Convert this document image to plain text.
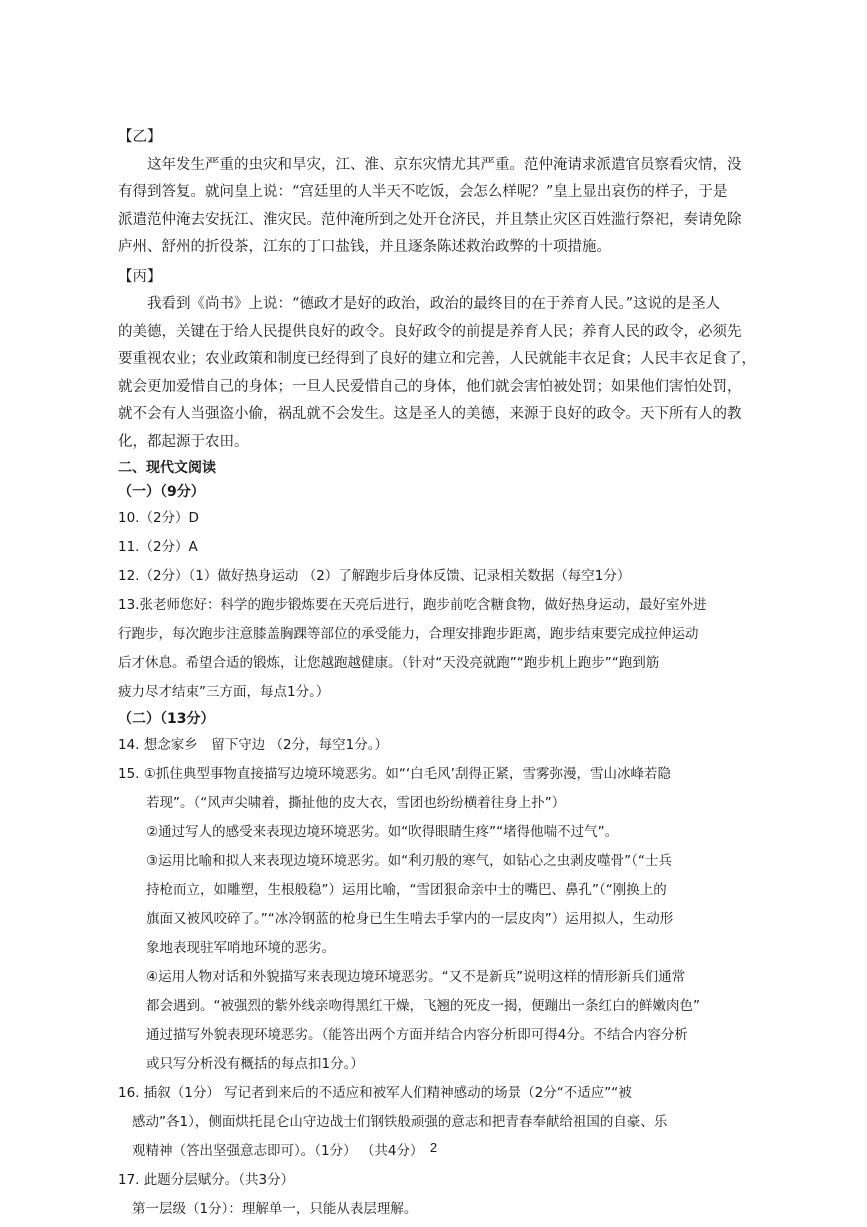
【乙】
　　这年发生严重的虫灾和旱灾，江、淮、京东灾情尤其严重。范仲淹请求派遣官员察看灾情，没
有得到答复。就问皇上说：“宫廷里的人半天不吃饭，会怎么样呢？”皇上显出哀伤的样子，于是
派遣范仲淹去安抚江、淮灾民。范仲淹所到之处开仓济民，并且禁止灾区百姓滥行祭祀，奏请免除
庐州、舒州的折役茶，江东的丁口盐钱，并且逐条陈述救治政弊的十项措施。
【丙】
　　我看到《尚书》上说：“德政才是好的政治，政治的最终目的在于养育人民。”这说的是圣人
的美德，关键在于给人民提供良好的政令。良好政令的前提是养育人民；养育人民的政令，必须先
要重视农业；农业政策和制度已经得到了良好的建立和完善，人民就能丰衣足食；人民丰衣足食了，
就会更加爱惜自己的身体；一旦人民爱惜自己的身体，他们就会害怕被处罚；如果他们害怕处罚，
就不会有人当强盗小偷，祸乱就不会发生。这是圣人的美德，来源于良好的政令。天下所有人的教
化，都起源于农田。
二、现代文阅读
（一）（9分）
10.（2分）D
11.（2分）A
12.（2分）（1）做好热身运动 （2）了解跑步后身体反馈、记录相关数据（每空1分）
13.张老师您好：科学的跑步锻炼要在天亮后进行，跑步前吃含糖食物，做好热身运动，最好室外进
行跑步，每次跑步注意膝盖胸踝等部位的承受能力，合理安排跑步距离，跑步结束要完成拉伸运动
后才休息。希望合适的锻炼，让您越跑越健康。（针对“天没亮就跑”“跑步机上跑步”“跑到筋
疲力尽才结束”三方面，每点1分。）
（二）（13分）
14. 想念家乡　留下守边 （2分，每空1分。）
15. ①抓住典型事物直接描写边境环境恶劣。如“‘白毛风’刮得正紧，雪雾弥漫，雪山冰峰若隐
若现”。（“风声尖啸着，撕扯他的皮大衣，雪团也纷纷横着往身上扑”）
②通过写人的感受来表现边境环境恶劣。如“吹得眼睛生疼”“堵得他喘不过气”。
③运用比喻和拟人来表现边境环境恶劣。如“利刃般的寒气，如钻心之虫剥皮噬骨”（“士兵
持枪而立，如雕塑，生根般稳”）运用比喻，“雪团狠命亲中士的嘴巴、鼻孔”（“刚换上的
旗面又被风咬碎了。”“冰冷钢蓝的枪身已生生啃去手掌内的一层皮肉”）运用拟人，生动形
象地表现驻军哨地环境的恶劣。
④运用人物对话和外貌描写来表现边境环境恶劣。“又不是新兵”说明这样的情形新兵们通常
都会遇到。“被强烈的紫外线亲吻得黑红干燥，飞翘的死皮一揭，便蹦出一条红白的鲜嫩肉色”
通过描写外貌表现环境恶劣。（能答出两个方面并结合内容分析即可得4分。不结合内容分析
或只写分析没有概括的每点扣1分。）
16. 插叙（1分） 写记者到来后的不适应和被军人们精神感动的场景（2分“不适应”“被
感动”各1），侧面烘托昆仑山守边战士们钢铁般顽强的意志和把青春奉献给祖国的自豪、乐
观精神（答出坚强意志即可）。（1分） （共4分）
17. 此题分层赋分。（共3分）
第一层级（1分）：理解单一，只能从表层理解。
2
